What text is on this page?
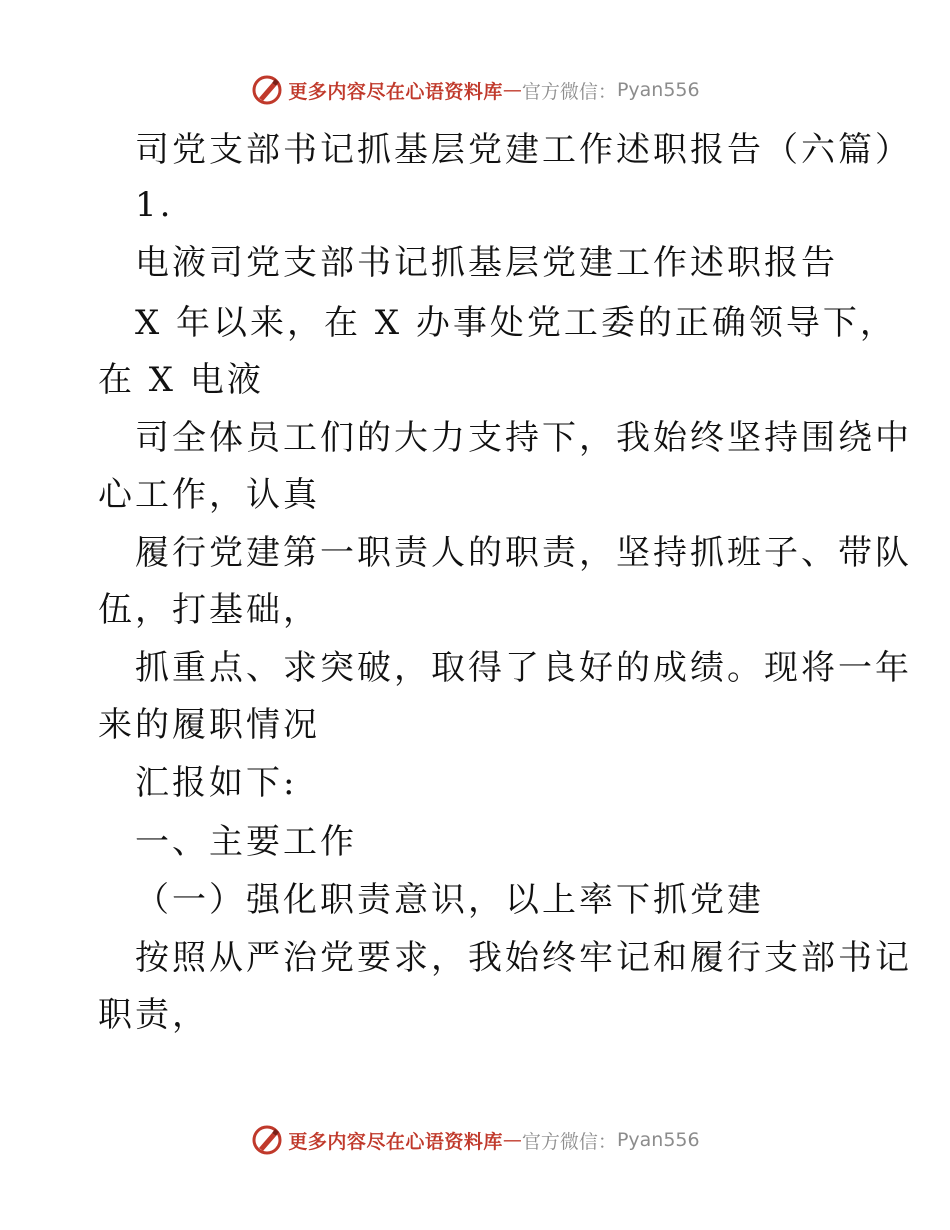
更多内容尽在心语资料库 — 官方微信： Pyan556
司党支部书记抓基层党建工作述职报告（六篇）
1.
电液司党支部书记抓基层党建工作述职报告
X 年以来，在 X 办事处党工委的正确领导下，
在 X 电液
司全体员工们的大力支持下，我始终坚持围绕中
心工作，认真
履行党建第一职责人的职责，坚持抓班子、带队
伍，打基础，
抓重点、求突破，取得了良好的成绩。现将一年
来的履职情况
汇报如下:
一、主要工作
（一）强化职责意识，以上率下抓党建
按照从严治党要求，我始终牢记和履行支部书记
职责，
更多内容尽在心语资料库 — 官方微信： Pyan556
